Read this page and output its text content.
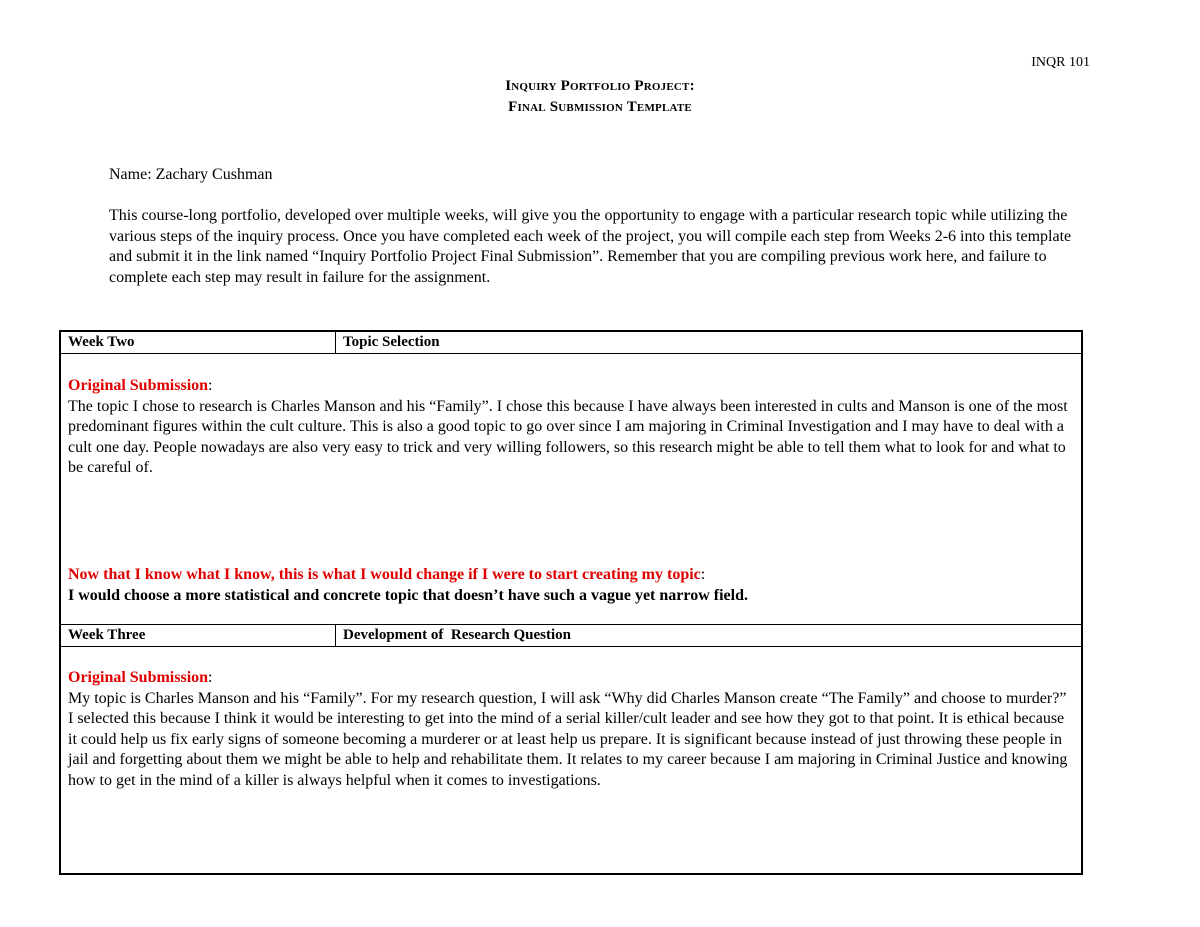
INQR 101
Inquiry Portfolio Project:
Final Submission Template
Name: Zachary Cushman
This course-long portfolio, developed over multiple weeks, will give you the opportunity to engage with a particular research topic while utilizing the various steps of the inquiry process. Once you have completed each week of the project, you will compile each step from Weeks 2-6 into this template and submit it in the link named “Inquiry Portfolio Project Final Submission”. Remember that you are compiling previous work here, and failure to complete each step may result in failure for the assignment.
Week Two	Topic Selection
Original Submission:
The topic I chose to research is Charles Manson and his “Family”. I chose this because I have always been interested in cults and Manson is one of the most predominant figures within the cult culture. This is also a good topic to go over since I am majoring in Criminal Investigation and I may have to deal with a cult one day. People nowadays are also very easy to trick and very willing followers, so this research might be able to tell them what to look for and what to be careful of.
Now that I know what I know, this is what I would change if I were to start creating my topic:
I would choose a more statistical and concrete topic that doesn’t have such a vague yet narrow field.
Week Three	Development of  Research Question
Original Submission:
My topic is Charles Manson and his “Family”. For my research question, I will ask “Why did Charles Manson create “The Family” and choose to murder?” I selected this because I think it would be interesting to get into the mind of a serial killer/cult leader and see how they got to that point. It is ethical because it could help us fix early signs of someone becoming a murderer or at least help us prepare. It is significant because instead of just throwing these people in jail and forgetting about them we might be able to help and rehabilitate them. It relates to my career because I am majoring in Criminal Justice and knowing how to get in the mind of a killer is always helpful when it comes to investigations.
